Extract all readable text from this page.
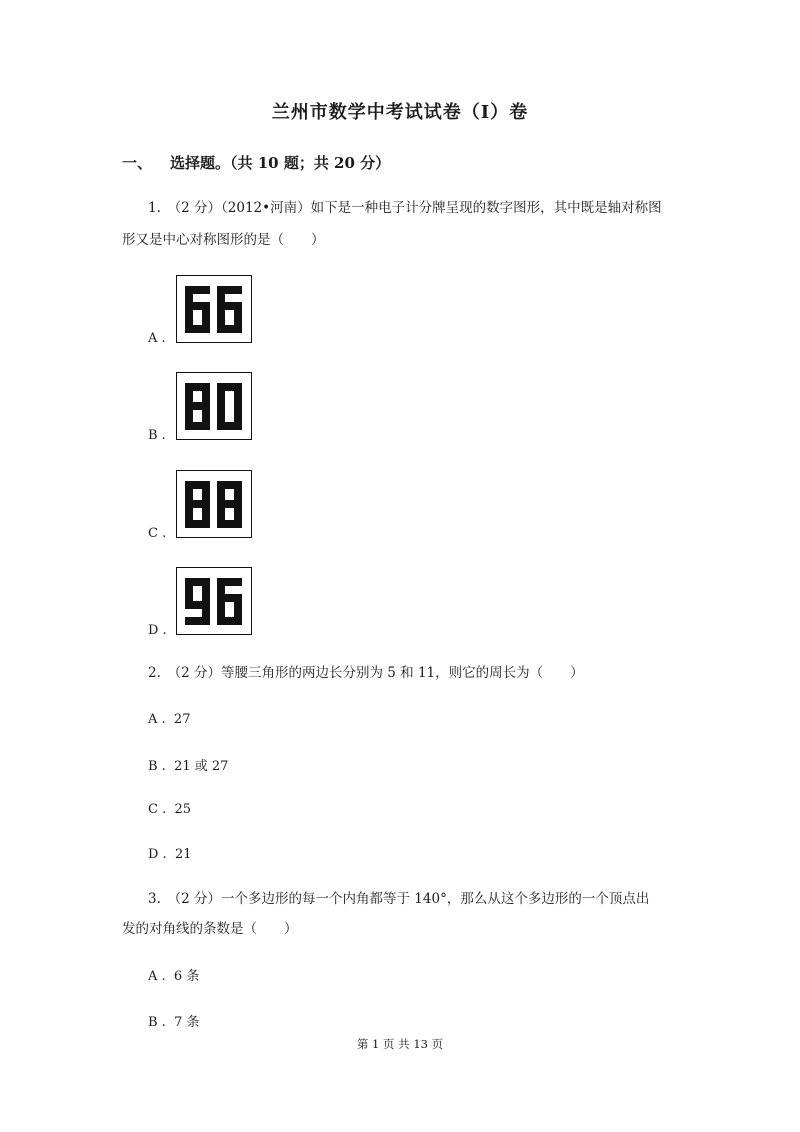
兰州市数学中考试试卷（I）卷
一、 选择题。（共 10 题；共 20 分）
1.　（2 分）（2012•河南）如下是一种电子计分牌呈现的数字图形，其中既是轴对称图
形又是中心对称图形的是（　　）
A .
B .
C .
D .
2.　（2 分）等腰三角形的两边长分别为 5 和 11，则它的周长为（　　）
A . 27
B . 21 或 27
C . 25
D . 21
3.　（2 分）一个多边形的每一个内角都等于 140°，那么从这个多边形的一个顶点出
发的对角线的条数是（　　）
A . 6 条
B . 7 条
第 1 页 共 13 页
